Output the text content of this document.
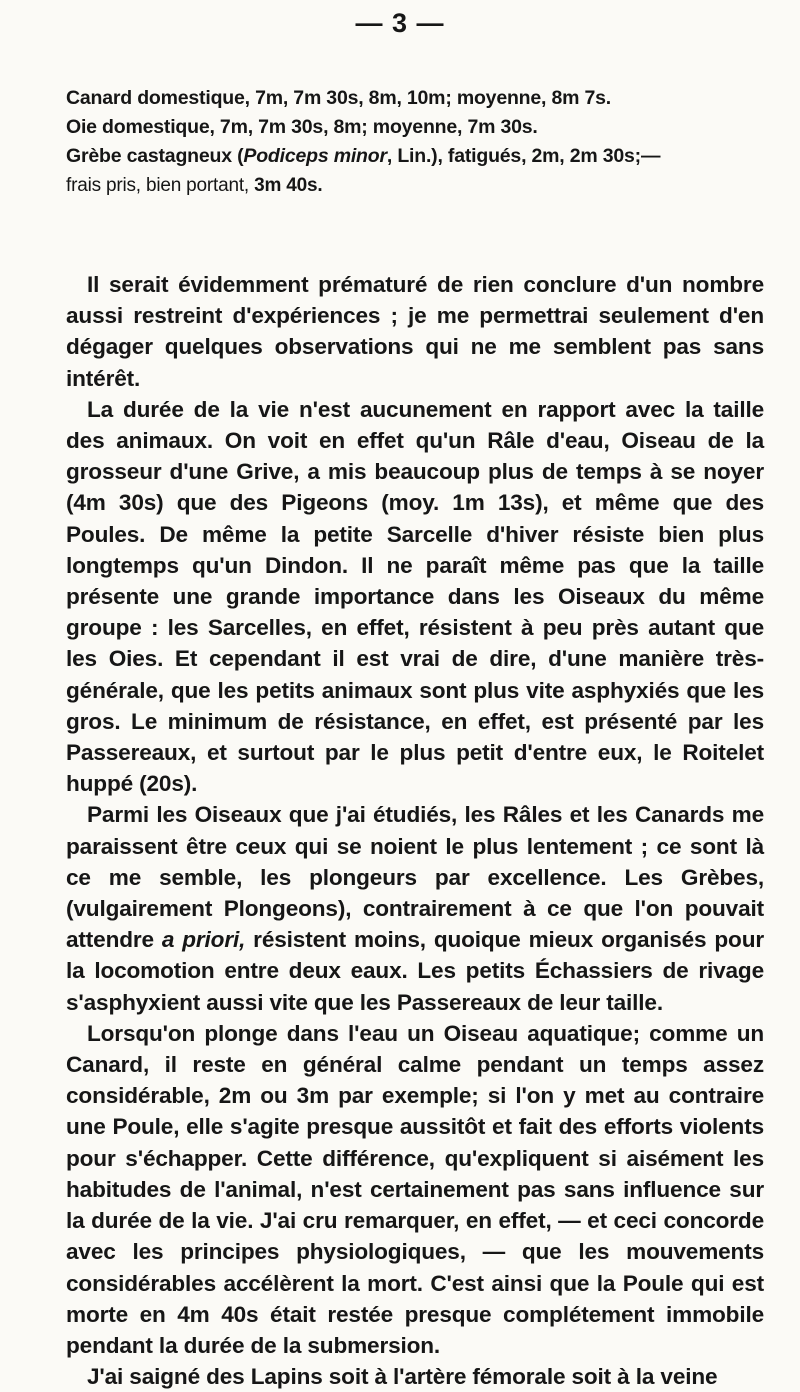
— 3 —
Canard domestique, 7m, 7m 30s, 8m, 10m; moyenne, 8m 7s.
Oie domestique, 7m, 7m 30s, 8m; moyenne, 7m 30s.
Grèbe castagneux (Podiceps minor, Lin.), fatigués, 2m, 2m 30s;—
frais pris, bien portant, 3m 40s.

Il serait évidemment prématuré de rien conclure d'un nombre aussi restreint d'expériences ; je me permettrai seulement d'en dégager quelques observations qui ne me semblent pas sans intérêt.

La durée de la vie n'est aucunement en rapport avec la taille des animaux. On voit en effet qu'un Râle d'eau, Oiseau de la grosseur d'une Grive, a mis beaucoup plus de temps à se noyer (4m 30s) que des Pigeons (moy. 1m 13s), et même que des Poules. De même la petite Sarcelle d'hiver résiste bien plus longtemps qu'un Dindon. Il ne paraît même pas que la taille présente une grande importance dans les Oiseaux du même groupe : les Sarcelles, en effet, résistent à peu près autant que les Oies. Et cependant il est vrai de dire, d'une manière très-générale, que les petits animaux sont plus vite asphyxiés que les gros. Le minimum de résistance, en effet, est présenté par les Passereaux, et surtout par le plus petit d'entre eux, le Roitelet huppé (20s).

Parmi les Oiseaux que j'ai étudiés, les Râles et les Canards me paraissent être ceux qui se noient le plus lentement ; ce sont là ce me semble, les plongeurs par excellence. Les Grèbes, (vulgairement Plongeons), contrairement à ce que l'on pouvait attendre a priori, résistent moins, quoique mieux organisés pour la locomotion entre deux eaux. Les petits Échassiers de rivage s'asphyxient aussi vite que les Passereaux de leur taille.

Lorsqu'on plonge dans l'eau un Oiseau aquatique; comme un Canard, il reste en général calme pendant un temps assez considérable, 2m ou 3m par exemple; si l'on y met au contraire une Poule, elle s'agite presque aussitôt et fait des efforts violents pour s'échapper. Cette différence, qu'expliquent si aisément les habitudes de l'animal, n'est certainement pas sans influence sur la durée de la vie. J'ai cru remarquer, en effet, — et ceci concorde avec les principes physiologiques, — que les mouvements considérables accélèrent la mort. C'est ainsi que la Poule qui est morte en 4m 40s était restée presque complétement immobile pendant la durée de la submersion.

J'ai saigné des Lapins soit à l'artère fémorale soit à la veine
